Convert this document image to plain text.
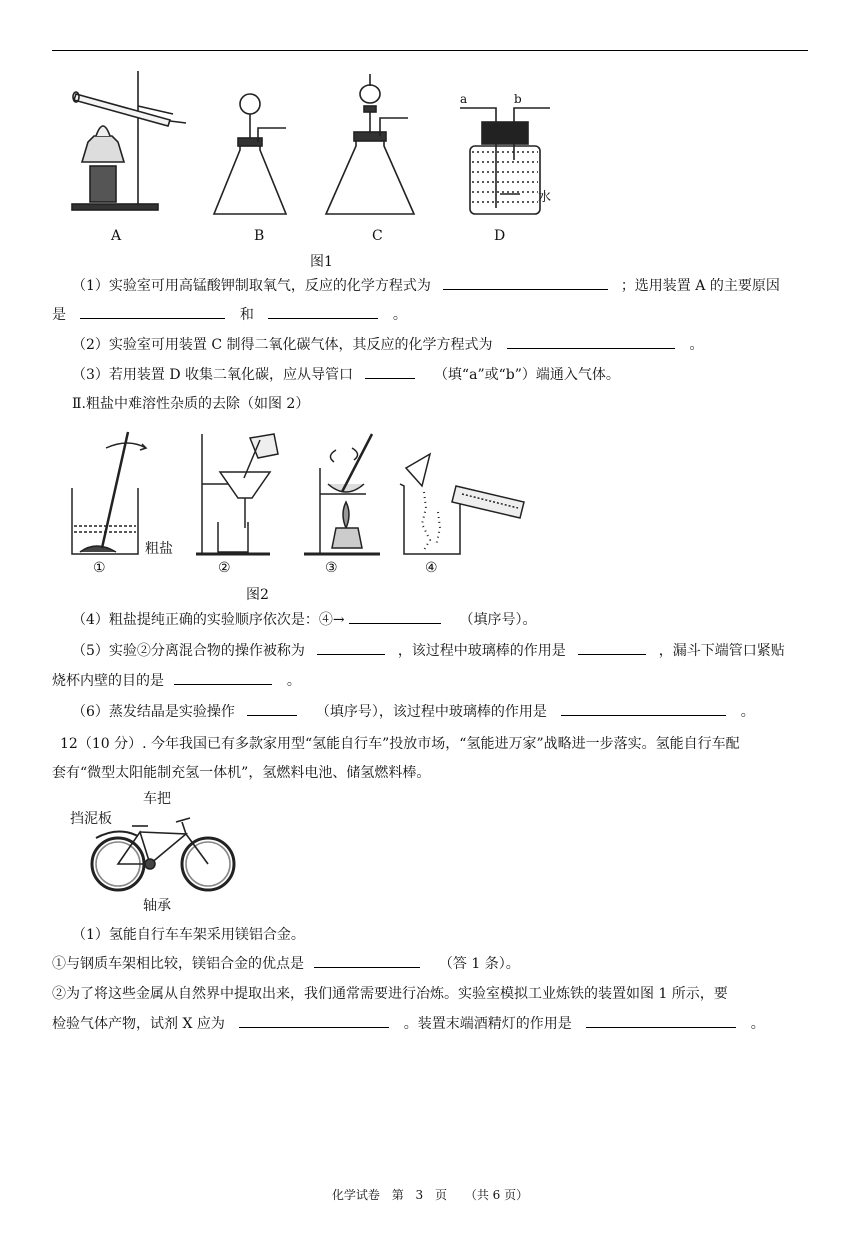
A	B	C	D
a	b
水
图1
（1）实验室可用高锰酸钾制取氧气，反应的化学方程式为	；选用装置 A 的主要原因
是	和	。
（2）实验室可用装置 C 制得二氧化碳气体，其反应的化学方程式为	。
（3）若用装置 D 收集二氧化碳，应从导管口	（填“a”或“b”）端通入气体。
Ⅱ.粗盐中难溶性杂质的去除（如图 2）
粗盐
①	②	③	④
图2
（4）粗盐提纯正确的实验顺序依次是：④→	（填序号）。
（5）实验②分离混合物的操作被称为	，该过程中玻璃棒的作用是	，漏斗下端管口紧贴
烧杯内壁的目的是	。
（6）蒸发结晶是实验操作	（填序号），该过程中玻璃棒的作用是	。
12（10 分）. 今年我国已有多款家用型“氢能自行车”投放市场，“氢能进万家”战略进一步落实。氢能自行车配
套有“微型太阳能制充氢一体机”，氢燃料电池、储氢燃料棒。
车把
挡泥板
轴承
（1）氢能自行车车架采用镁铝合金。
①与钢质车架相比较，镁铝合金的优点是	（答 1 条）。
②为了将这些金属从自然界中提取出来，我们通常需要进行冶炼。实验室模拟工业炼铁的装置如图 1 所示，要
检验气体产物，试剂 X 应为	。装置末端酒精灯的作用是	。
化学试卷 第 3 页 （共 6 页）
